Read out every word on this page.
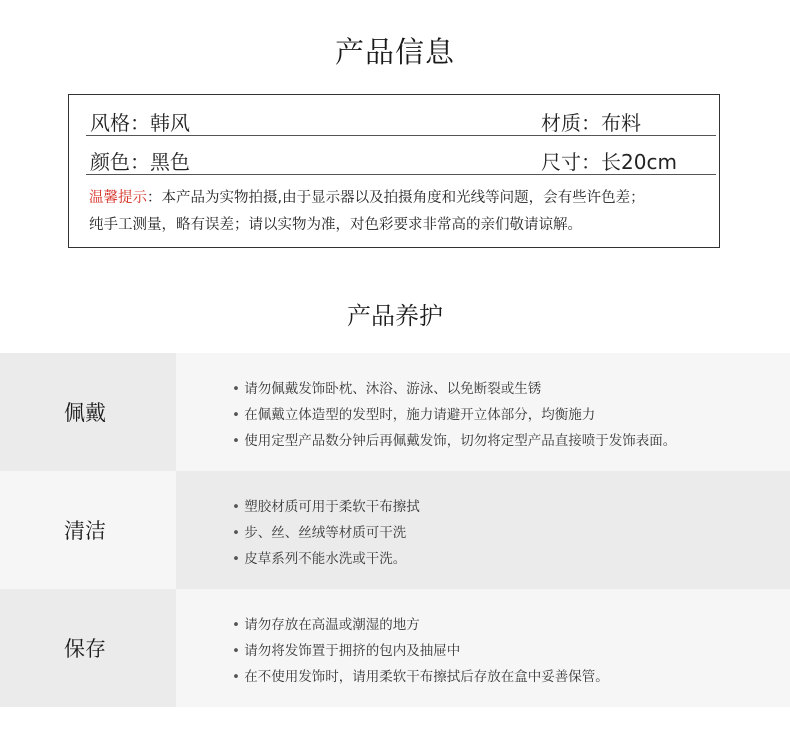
产品信息
风格：韩风	材质：布料
颜色：黑色	尺寸：长20cm
温馨提示：本产品为实物拍摄,由于显示器以及拍摄角度和光线等问题，会有些许色差；
纯手工测量，略有误差；请以实物为准，对色彩要求非常高的亲们敬请谅解。
产品养护
佩戴
• 请勿佩戴发饰卧枕、沐浴、游泳、以免断裂或生锈
• 在佩戴立体造型的发型时，施力请避开立体部分，均衡施力
• 使用定型产品数分钟后再佩戴发饰，切勿将定型产品直接喷于发饰表面。
清洁
• 塑胶材质可用于柔软干布擦拭
• 步、丝、丝绒等材质可干洗
• 皮草系列不能水洗或干洗。
保存
• 请勿存放在高温或潮湿的地方
• 请勿将发饰置于拥挤的包内及抽屉中
• 在不使用发饰时，请用柔软干布擦拭后存放在盒中妥善保管。
